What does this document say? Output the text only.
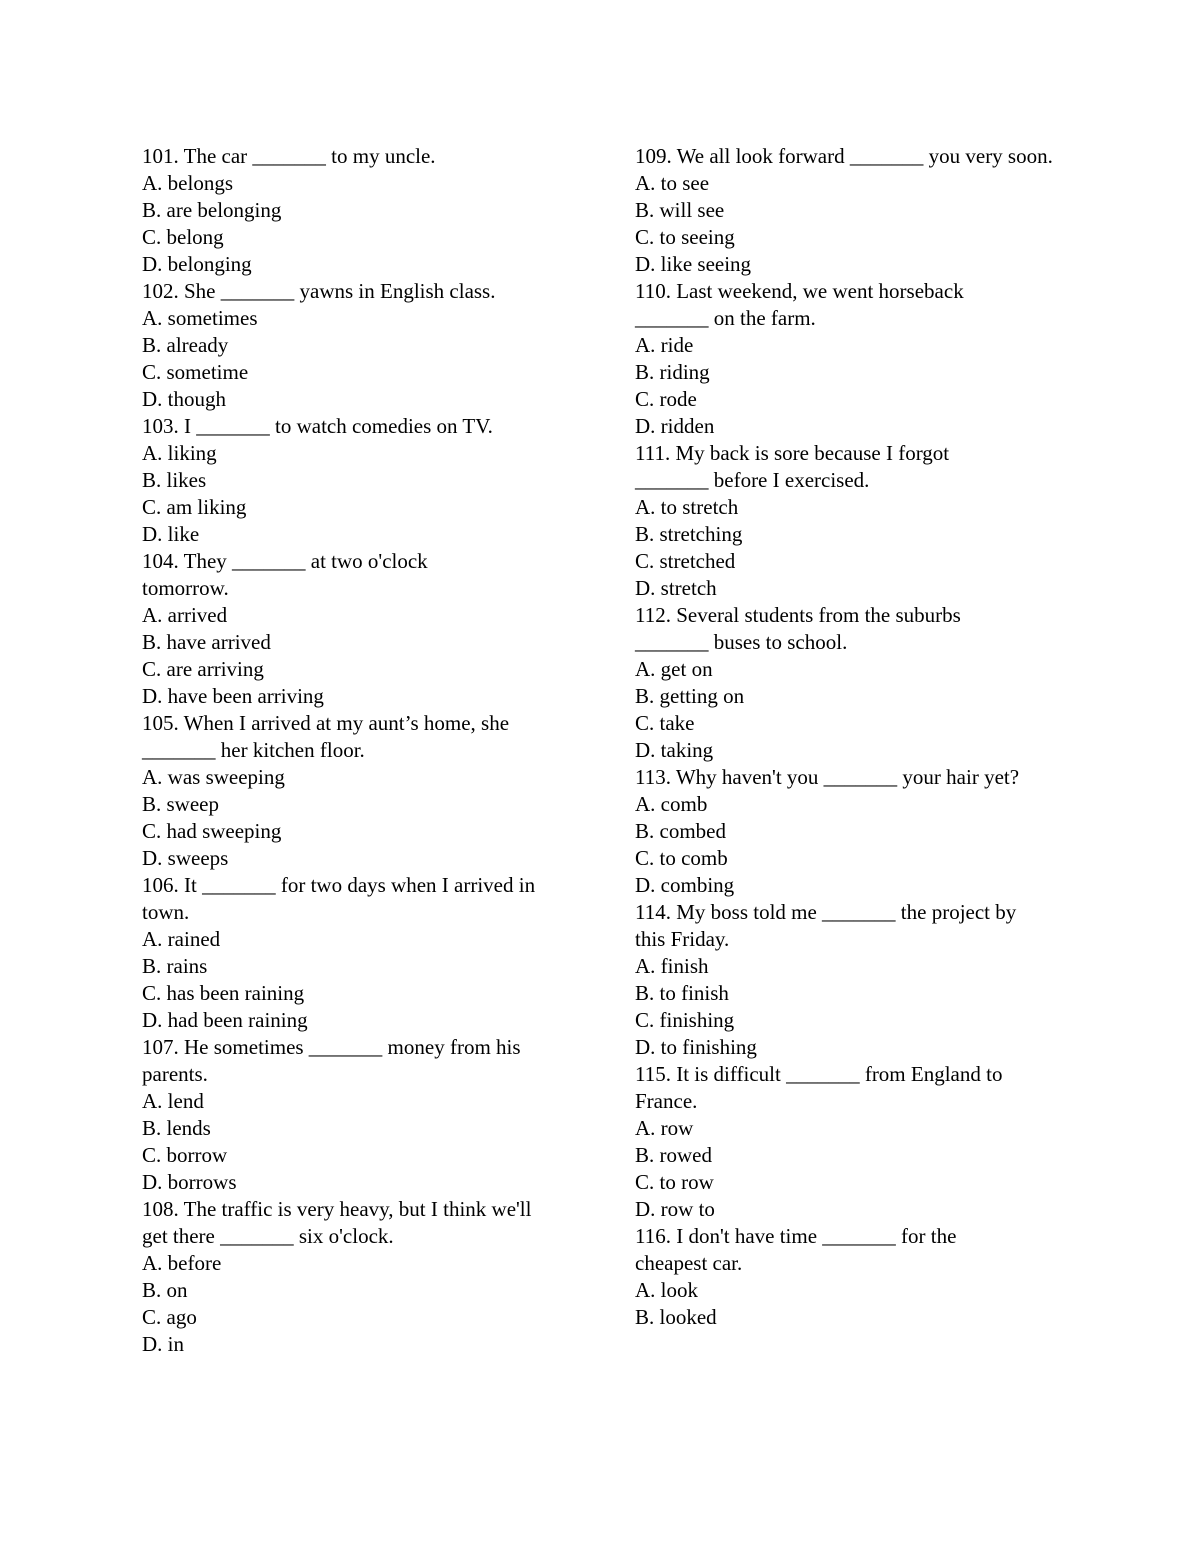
101. The car _______ to my uncle.
A. belongs
B. are belonging
C. belong
D. belonging
102. She _______ yawns in English class.
A. sometimes
B. already
C. sometime
D. though
103. I _______ to watch comedies on TV.
A. liking
B. likes
C. am liking
D. like
104. They _______ at two o'clock tomorrow.
A. arrived
B. have arrived
C. are arriving
D. have been arriving
105. When I arrived at my aunt’s home, she _______ her kitchen floor.
A. was sweeping
B. sweep
C. had sweeping
D. sweeps
106. It _______ for two days when I arrived in town.
A. rained
B. rains
C. has been raining
D. had been raining
107. He sometimes _______ money from his parents.
A. lend
B. lends
C. borrow
D. borrows
108. The traffic is very heavy, but I think we'll get there _______ six o'clock.
A. before
B. on
C. ago
D. in
109. We all look forward _______ you very soon.
A. to see
B. will see
C. to seeing
D. like seeing
110. Last weekend, we went horseback _______ on the farm.
A. ride
B. riding
C. rode
D. ridden
111. My back is sore because I forgot _______ before I exercised.
A. to stretch
B. stretching
C. stretched
D. stretch
112. Several students from the suburbs _______ buses to school.
A. get on
B. getting on
C. take
D. taking
113. Why haven't you _______ your hair yet?
A. comb
B. combed
C. to comb
D. combing
114. My boss told me _______ the project by this Friday.
A. finish
B. to finish
C. finishing
D. to finishing
115. It is difficult _______ from England to France.
A. row
B. rowed
C. to row
D. row to
116. I don't have time _______ for the cheapest car.
A. look
B. looked
